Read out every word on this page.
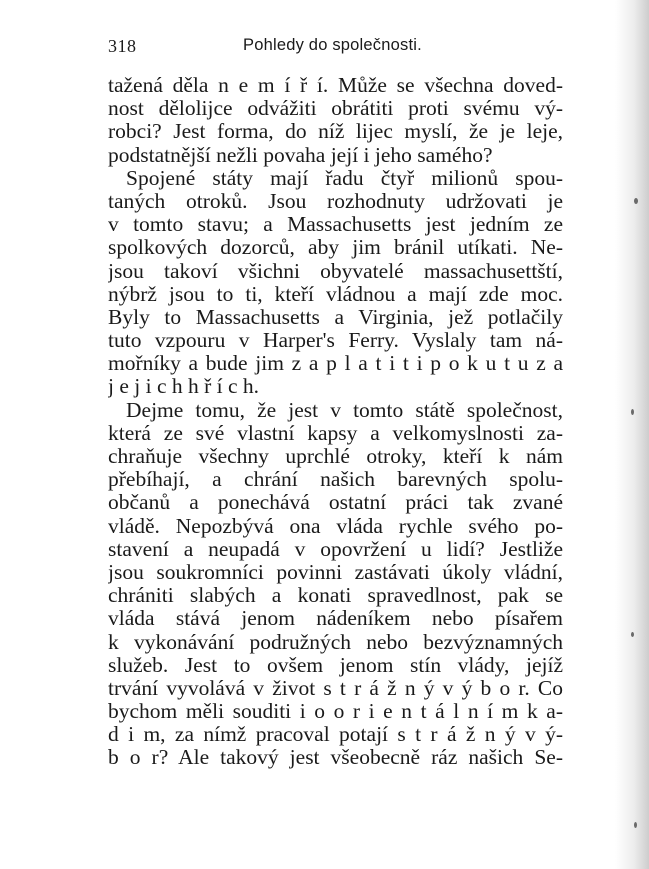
318	Pohledy do společnosti.
tažená děla n e m í ř í. Může se všechna doved-
nost dělolijce odvážiti obrátiti proti svému vý-
robci? Jest forma, do níž lijec myslí, že je leje,
podstatnější nežli povaha její i jeho samého?
Spojené státy mají řadu čtyř milionů spou-
taných otroků. Jsou rozhodnuty udržovati je
v tomto stavu; a Massachusetts jest jedním ze
spolkových dozorců, aby jim bránil utíkati. Ne-
jsou takoví všichni obyvatelé massachusettští,
nýbrž jsou to ti, kteří vládnou a mají zde moc.
Byly to Massachusetts a Virginia, jež potlačily
tuto vzpouru v Harper's Ferry. Vyslaly tam ná-
mořníky a bude jim z a p l a t i t i p o k u t u z a
j e j i c h h ř í c h.
Dejme tomu, že jest v tomto státě společnost,
která ze své vlastní kapsy a velkomyslnosti za-
chraňuje všechny uprchlé otroky, kteří k nám
přebíhají, a chrání našich barevných spolu-
občanů a ponechává ostatní práci tak zvané
vládě. Nepozbývá ona vláda rychle svého po-
stavení a neupadá v opovržení u lidí? Jestliže
jsou soukromníci povinni zastávati úkoly vládní,
chrániti slabých a konati spravedlnost, pak se
vláda stává jenom nádeníkem nebo písařem
k vykonávání podružných nebo bezvýznamných
služeb. Jest to ovšem jenom stín vlády, jejíž
trvání vyvolává v život s t r á ž n ý v ý b o r. Co
bychom měli souditi i o o r i e n t á l n í m k a-
d i m, za nímž pracoval potají s t r á ž n ý v ý-
b o r? Ale takový jest všeobecně ráz našich Se-
